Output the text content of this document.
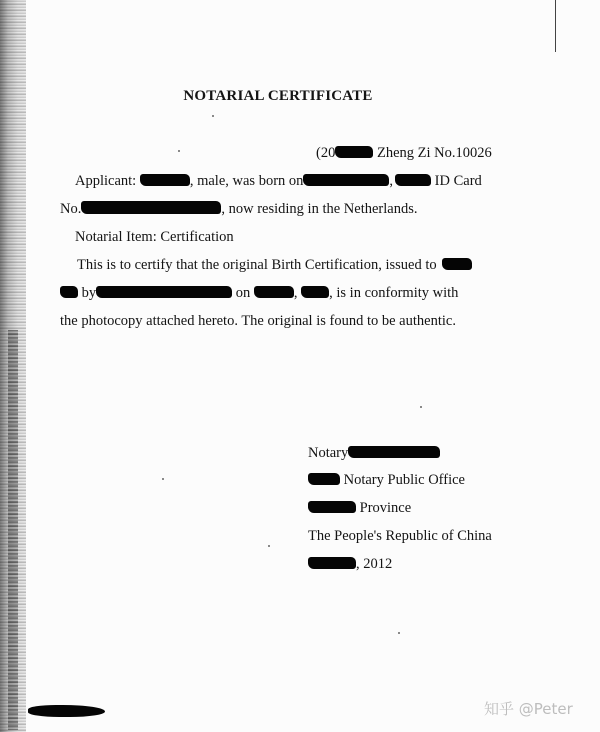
NOTARIAL CERTIFICATE
(20	Zheng Zi No.10026
Applicant:	, male, was born on	,	ID Card
No.	, now residing in the Netherlands.
Notarial Item: Certification
This is to certify that the original Birth Certification, issued to
by	on	, , is in conformity with
the photocopy attached hereto. The original is found to be authentic.
Notary
Notary Public Office
Province
The People's Republic of China
, 2012
知乎 @Peter
